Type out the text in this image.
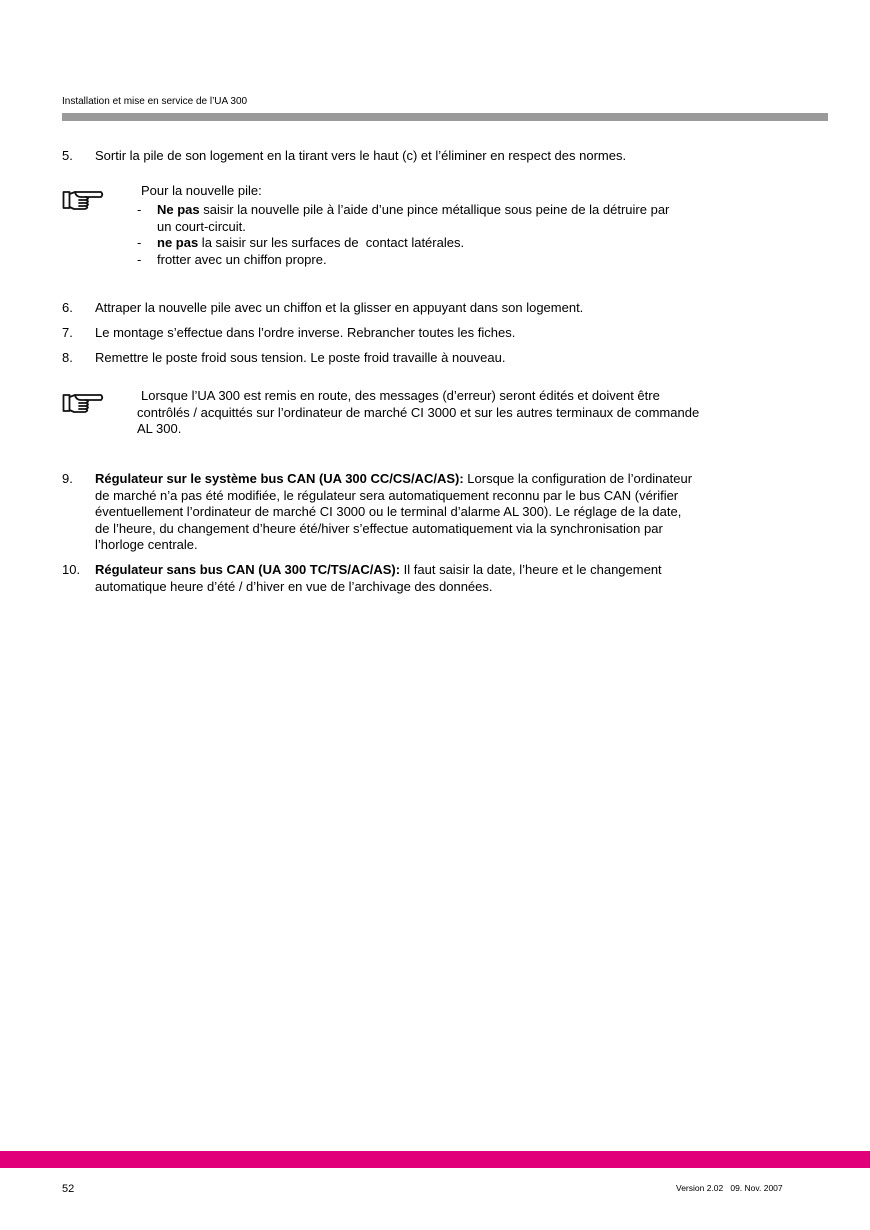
Installation et mise en service de l’UA 300
5. Sortir la pile de son logement en la tirant vers le haut (c) et l’éliminer en respect des normes.
Pour la nouvelle pile:
- Ne pas saisir la nouvelle pile à l’aide d’une pince métallique sous peine de la détruire par
un court-circuit.
- ne pas la saisir sur les surfaces de  contact latérales.
- frotter avec un chiffon propre.
6. Attraper la nouvelle pile avec un chiffon et la glisser en appuyant dans son logement.
7. Le montage s’effectue dans l’ordre inverse. Rebrancher toutes les fiches.
8. Remettre le poste froid sous tension. Le poste froid travaille à nouveau.
Lorsque l’UA 300 est remis en route, des messages (d’erreur) seront édités et doivent être
contrôlés / acquittés sur l’ordinateur de marché CI 3000 et sur les autres terminaux de commande
AL 300.
9. Régulateur sur le système bus CAN (UA 300 CC/CS/AC/AS): Lorsque la configuration de l’ordinateur
de marché n’a pas été modifiée, le régulateur sera automatiquement reconnu par le bus CAN (vérifier
éventuellement l’ordinateur de marché CI 3000 ou le terminal d’alarme AL 300). Le réglage de la date,
de l’heure, du changement d’heure été/hiver s’effectue automatiquement via la synchronisation par
l’horloge centrale.
10. Régulateur sans bus CAN (UA 300 TC/TS/AC/AS): Il faut saisir la date, l’heure et le changement
automatique heure d’été / d’hiver en vue de l’archivage des données.
52	Version 2.02   09. Nov. 2007
